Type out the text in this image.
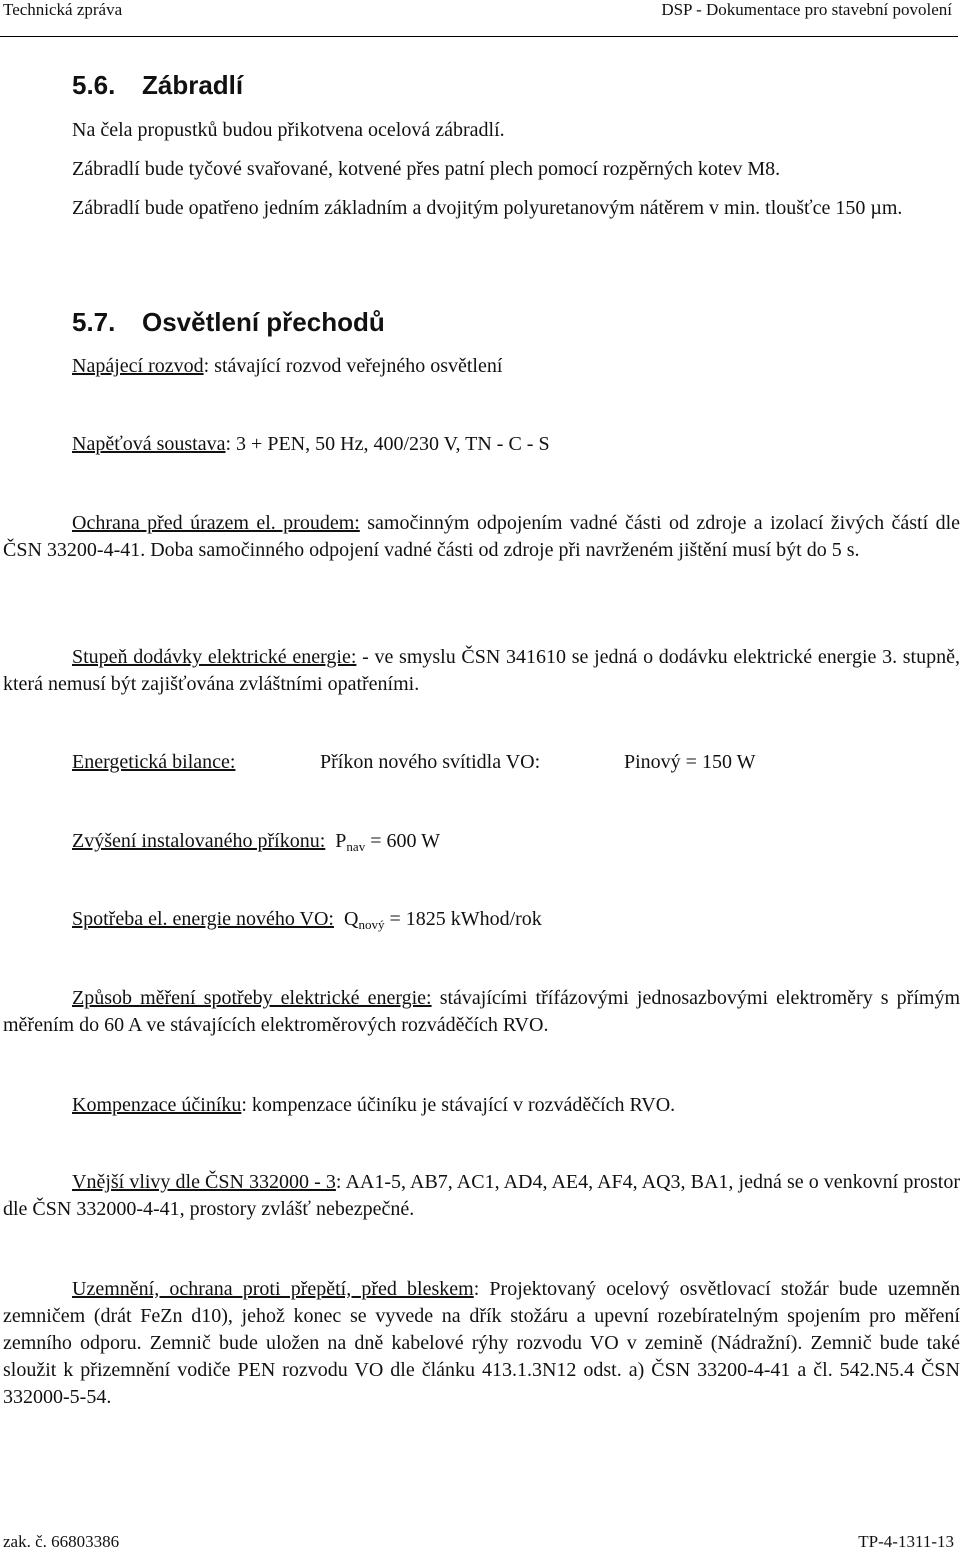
Technická zpráva	DSP - Dokumentace pro stavební povolení
5.6. Zábradlí
Na čela propustků budou přikotvena ocelová zábradlí.
Zábradlí bude tyčové svařované, kotvené přes patní plech pomocí rozpěrných kotev M8.
Zábradlí bude opatřeno jedním základním a dvojitým polyuretanovým nátěrem v min. tloušťce 150 µm.
5.7. Osvětlení přechodů
Napájecí rozvod: stávající rozvod veřejného osvětlení
Napěťová soustava: 3 + PEN, 50 Hz, 400/230 V, TN - C - S
Ochrana před úrazem el. proudem: samočinným odpojením vadné části od zdroje a izolací živých částí dle ČSN 33200-4-41. Doba samočinného odpojení vadné části od zdroje při navrženém jištění musí být do 5 s.
Stupeň dodávky elektrické energie: - ve smyslu ČSN 341610 se jedná o dodávku elektrické energie 3. stupně, která nemusí být zajišťována zvláštními opatřeními.
Energetická bilance:	Příkon nového svítidla VO:	Pinový = 150 W
Zvýšení instalovaného příkonu: $P_{nav} = 600$ W
Spotřeba el. energie nového VO: $Q_{nový} = 1825$ kWhod/rok
Způsob měření spotřeby elektrické energie: stávajícími třífázovými jednosazbovými elektroměry s přímým měřením do 60 A ve stávajících elektroměrových rozváděčích RVO.
Kompenzace účiníku: kompenzace účiníku je stávající v rozváděčích RVO.
Vnější vlivy dle ČSN 332000 - 3: AA1-5, AB7, AC1, AD4, AE4, AF4, AQ3, BA1, jedná se o venkovní prostor dle ČSN 332000-4-41, prostory zvlášť nebezpečné.
Uzemnění, ochrana proti přepětí, před bleskem: Projektovaný ocelový osvětlovací stožár bude uzemněn zemničem (drát FeZn d10), jehož konec se vyvede na dřík stožáru a upevní rozebíratelným spojením pro měření zemního odporu. Zemnič bude uložen na dně kabelové rýhy rozvodu VO v zemině (Nádražní). Zemnič bude také sloužit k přizemnění vodiče PEN rozvodu VO dle článku 413.1.3N12 odst. a) ČSN 33200-4-41 a čl. 542.N5.4 ČSN 332000-5-54.
zak. č. 66803386	TP-4-1311-13
